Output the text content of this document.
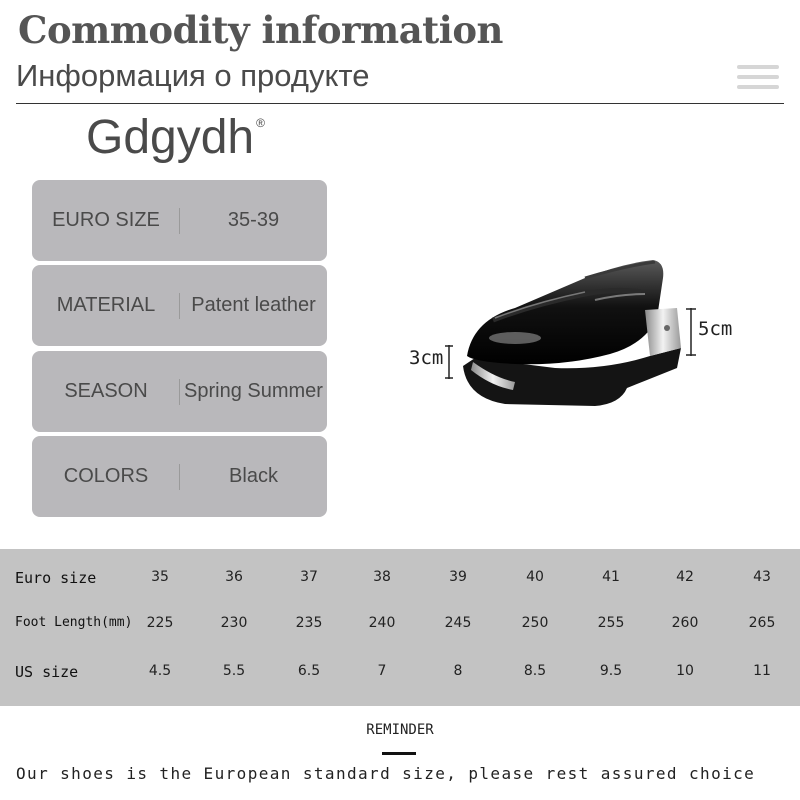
Commodity information
Информация о продукте
Gdgydh ®
EURO SIZE	35-39
MATERIAL	Patent leather
SEASON	Spring Summer
COLORS	Black
3cm
5cm
Euro size	35	36	37	38	39	40	41	42	43
Foot Length(mm)	225	230	235	240	245	250	255	260	265
US size	4.5	5.5	6.5	7	8	8.5	9.5	10	11
REMINDER
Our shoes is the European standard size, please rest assured choice
